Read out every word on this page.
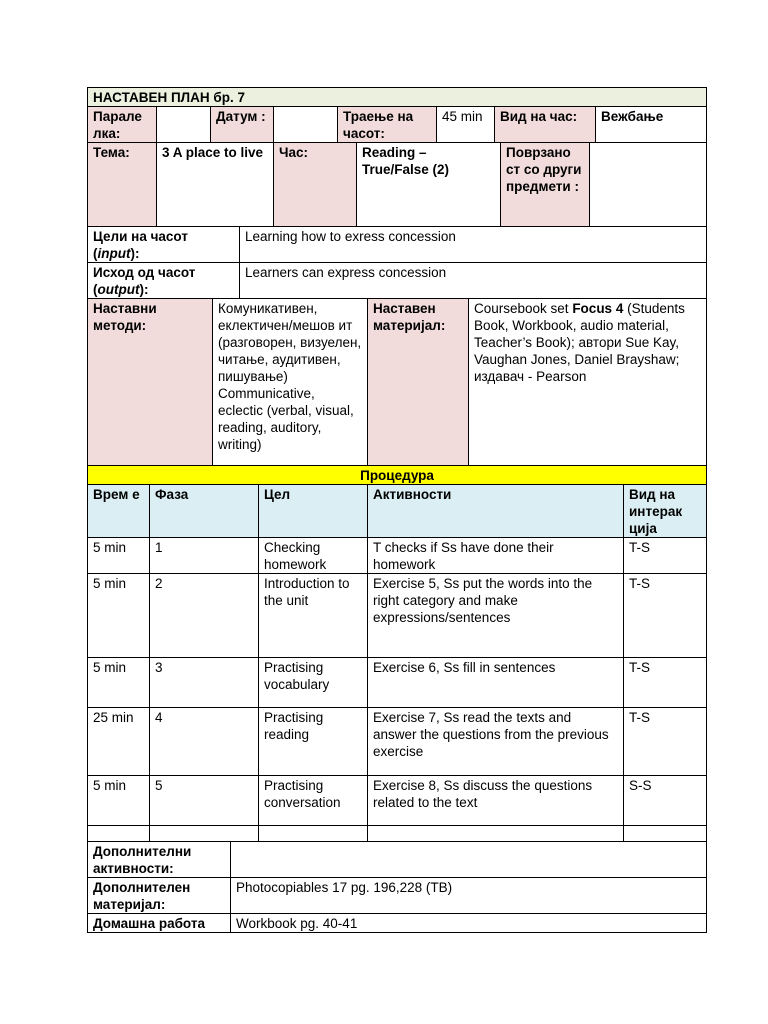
НАСТАВЕН ПЛАН бр. 7
Парале лка:		Датум :		Траење на часот:	45 min	Вид на час:	Вежбање
Тема:	3 A place to live	Час:	Reading – True/False (2)	Поврзано ст со други предмети :	
Цели на часот (input):	Learning how to exress concession
Исход од часот (output):	Learners can express concession
Наставни методи:	Комуникативен, еклектичен/мешов ит (разговорен, визуелен, читање, аудитивен, пишување) Communicative, eclectic (verbal, visual, reading, auditory, writing)	Наставен материјал:	Coursebook set Focus 4 (Students Book, Workbook, audio material, Teacher’s Book); автори Sue Kay, Vaughan Jones, Daniel Brayshaw; издавач - Pearson
Процедура				
Врем е	Фаза	Цел	Активности	Вид на интерак ција
5 min	1	Checking homework	T checks if Ss have done their homework	T-S
5 min	2	Introduction to the unit	Exercise 5, Ss put the words into the right category and make expressions/sentences	T-S
5 min	3	Practising vocabulary	Exercise 6, Ss fill in sentences	T-S
25 min	4	Practising reading	Exercise 7, Ss read the texts and answer the questions from the previous exercise	T-S
5 min	5	Practising conversation	Exercise 8, Ss discuss the questions related to the text	S-S

Дополнителни активности:	
Дополнителен материјал:	Photocopiables 17 pg. 196,228 (TB)
Домашна работа	Workbook pg. 40-41
